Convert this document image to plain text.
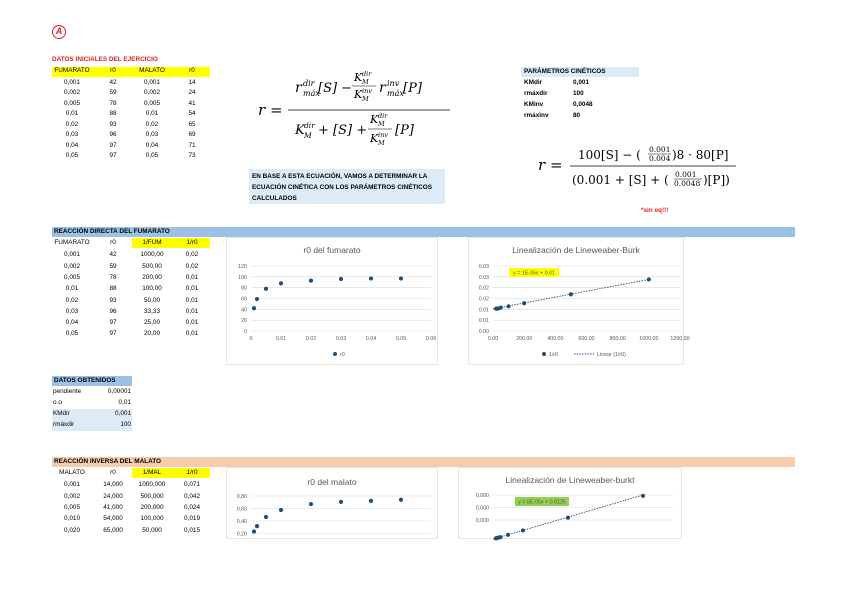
A
DATOS INICIALES DEL EJERCICIO
FUMARATO	r0	MALATO	r0
0,001	42	0,001	14
0,002	59	0,002	24
0,005	78	0,005	41
0,01	88	0,01	54
0,02	93	0,02	65
0,03	96	0,03	69
0,04	97	0,04	71
0,05	97	0,05	73
r =
r dir
máx
[S] −
K dir
M
K inv
M
r inv
máx [P]
K dir
M + [S] +
K dir
M
K inv
M
[P]
EN BASE A ESTA ECUACIÓN, VAMOS A DETERMINAR LA ECUACIÓN CINÉTICA CON LOS PARÁMETROS CINÉTICOS CALCULADOS
PARÁMETROS CINÉTICOS
KMdir	0,001
rmáxdir	100
KMinv	0,0048
rmáxinv	80
r =
100[S] − ( 0.001
0.004 )8 · 80[P]
(0.001 + [S] + ( 0.001
0.0048 )[P])
*sin eq!!!
REACCIÓN DIRECTA DEL FUMARATO
FUMARATO	r0	1/FUM	1/r0
0,001	42	1000,00	0,02
0,002	59	500,00	0,02
0,005	78	200,00	0,01
0,01	88	100,00	0,01
0,02	93	50,00	0,01
0,03	96	33,33	0,01
0,04	97	25,00	0,01
0,05	97	20,00	0,01
r0 del fumarato
0
20
40
60
80
100
120
0	0.01	0.02	0.03	0.04	0.05	0.06
r0
Linealización de Lineweaber-Burk
0.00
0.01
0.01
0.02
0.02
0.03
0.03
0.00	200.00	400.00	600.00	800.00	1000.00 1200.00
y = 1E-05x + 0.01
1/r0	Linear (1/r0)
DATOS OBTENIDOS
pendiente	0,00001
o.o	0,01
KMdir	0,001
rmáxdir	100
REACCIÓN INVERSA DEL MALATO
MALATO	r0	1/MAL	1/r0
0,001	14,000	1000,000	0,071
0,002	24,000	500,000	0,042
0,005	41,000	200,000	0,024
0,010	54,000	100,000	0,019
0,020	65,000	50,000	0,015
r0 del malato
0,80
0,60
0,40
0,20
Linealización de Lineweaber-burkt
0,000
0,000
0,000
y = 6E-05x + 0.0125
